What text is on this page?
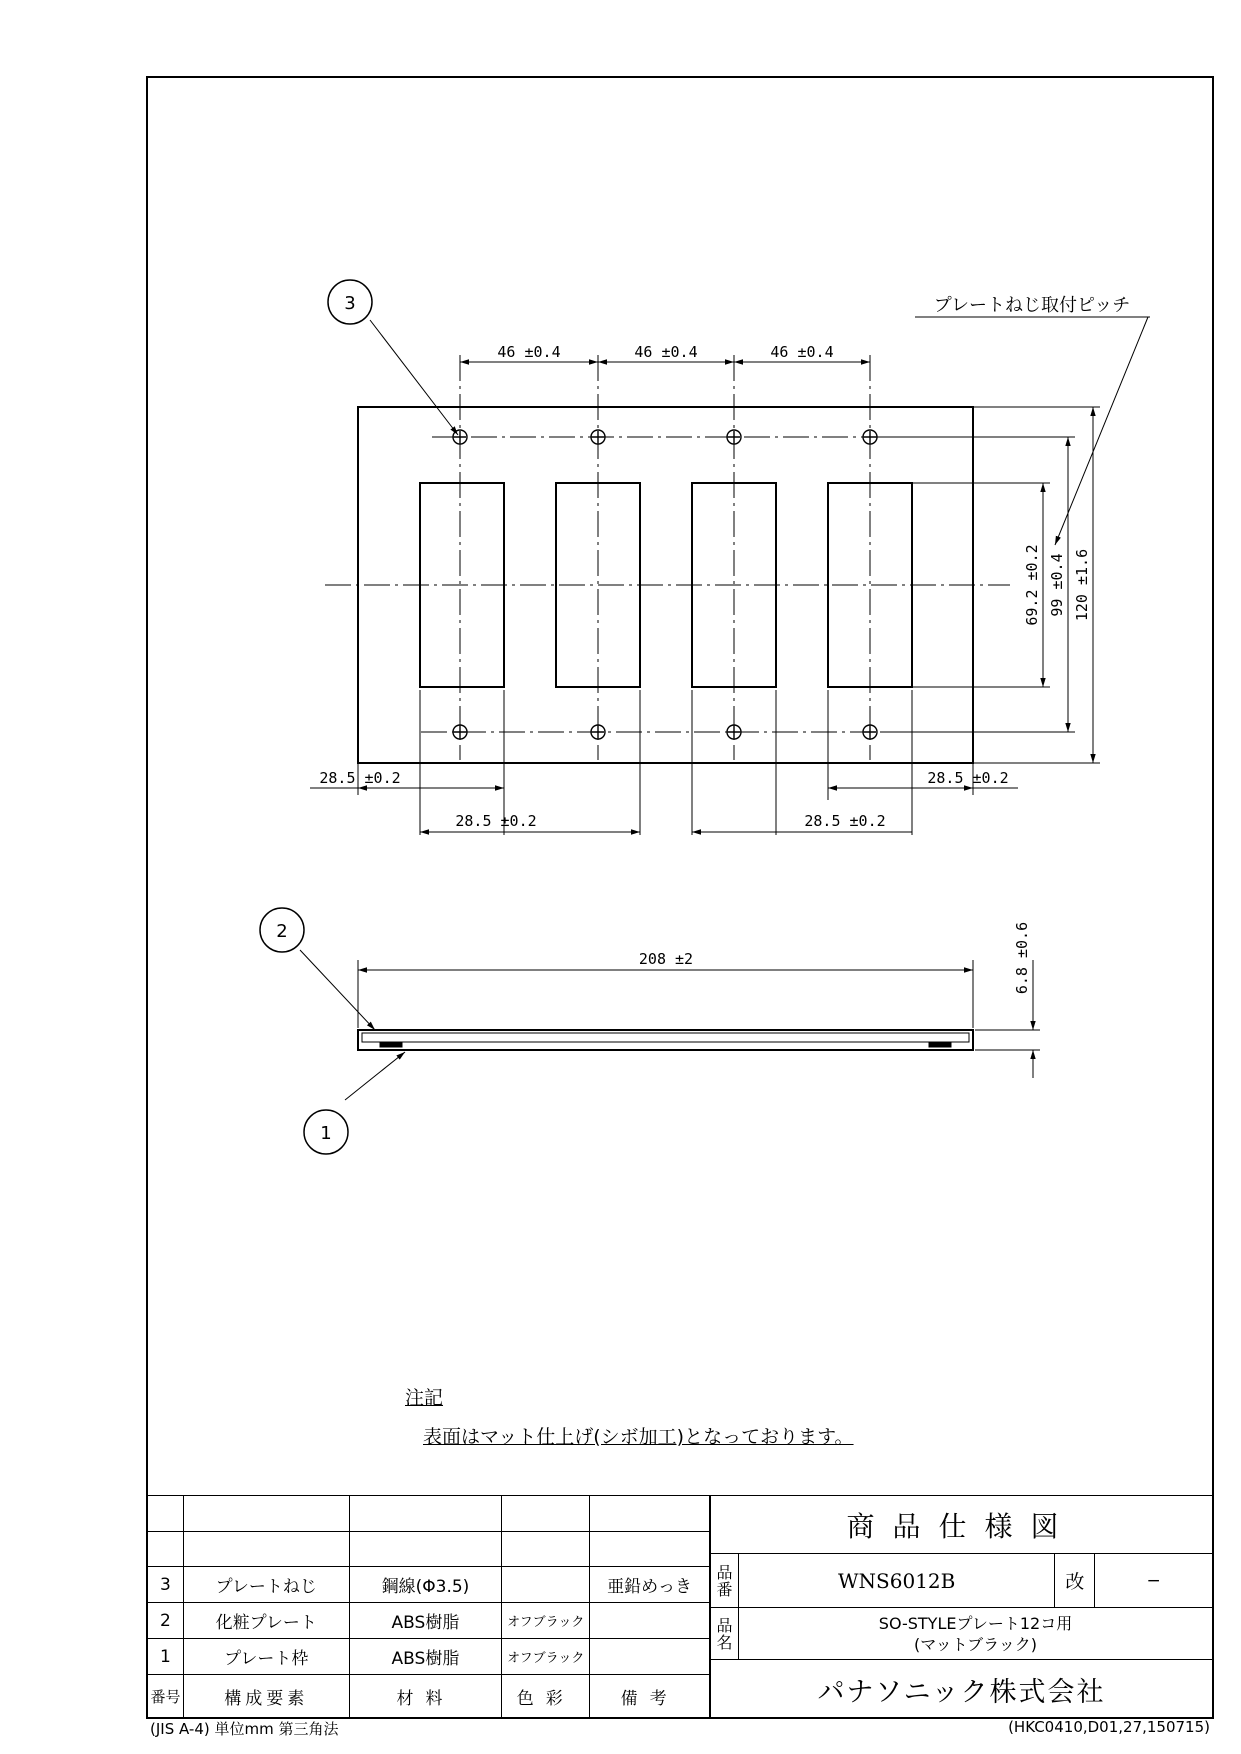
3
2
1
46 ±0.4	46 ±0.4	46 ±0.4
28.5 ±0.2	28.5 ±0.2
28.5 ±0.2	28.5 ±0.2
69.2 ±0.2 99 ±0.4 120 ±1.6
208 ±2	6.8 ±0.6
プレートねじ取付ピッチ
注記
表面はマット仕上げ(シボ加工)となっております。

3	プレートねじ	鋼線(Φ3.5)		亜鉛めっき
2	化粧プレート	ABS樹脂	オフブラック	
1	プレート枠	ABS樹脂	オフブラック	
番号	構成要素	材料	色彩	備考
商品仕様図			
品番	WNS6012B	改	−
品名	SO-STYLEプレート12コ用
(マットブラック)		

パナソニック株式会社			
(JIS A-4) 単位mm 第三角法	(HKC0410,D01,27,150715)
